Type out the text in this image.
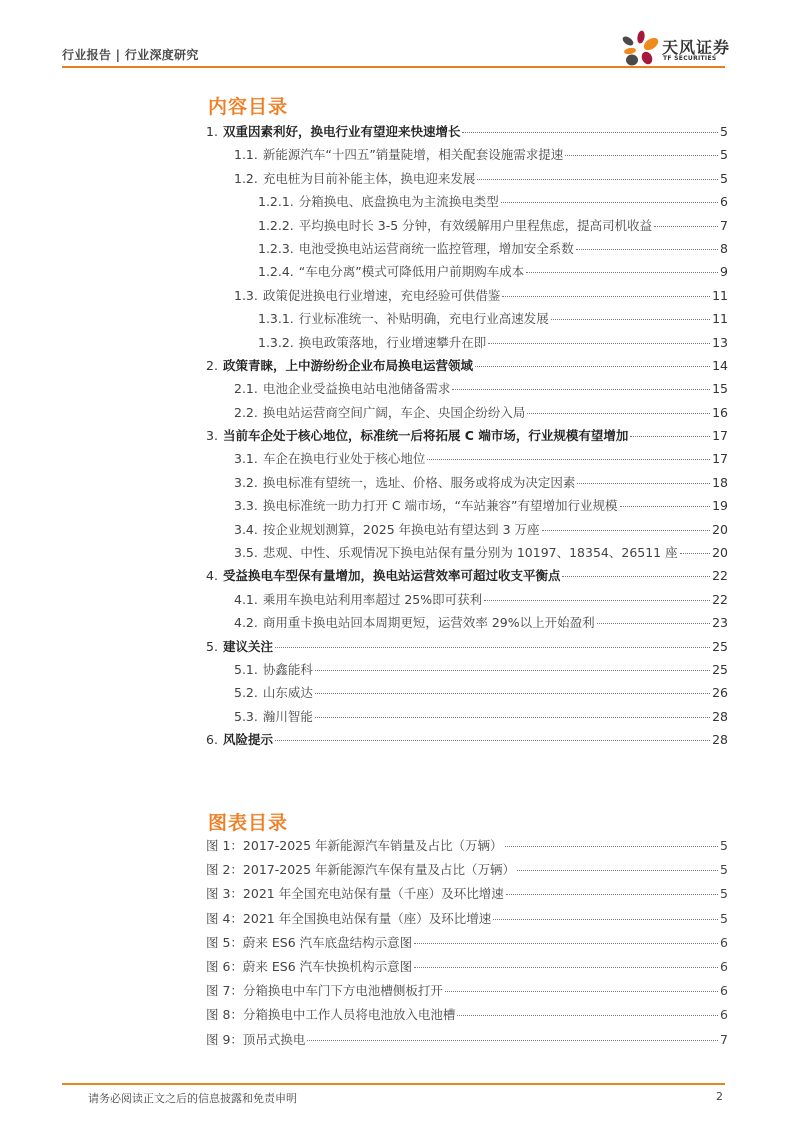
行业报告 | 行业深度研究	天风证券
TF SECURITIES
内容目录
1. 双重因素利好，换电行业有望迎来快速增长	5
1.1. 新能源汽车“十四五”销量陡增，相关配套设施需求提速	5
1.2. 充电桩为目前补能主体，换电迎来发展	5
1.2.1. 分箱换电、底盘换电为主流换电类型	6
1.2.2. 平均换电时长 3-5 分钟，有效缓解用户里程焦虑，提高司机收益	7
1.2.3. 电池受换电站运营商统一监控管理，增加安全系数	8
1.2.4. “车电分离”模式可降低用户前期购车成本	9
1.3. 政策促进换电行业增速，充电经验可供借鉴	11
1.3.1. 行业标准统一、补贴明确，充电行业高速发展	11
1.3.2. 换电政策落地，行业增速攀升在即	13
2. 政策青睐，上中游纷纷企业布局换电运营领域	14
2.1. 电池企业受益换电站电池储备需求	15
2.2. 换电站运营商空间广阔，车企、央国企纷纷入局	16
3. 当前车企处于核心地位，标准统一后将拓展 C 端市场，行业规模有望增加	17
3.1. 车企在换电行业处于核心地位	17
3.2. 换电标准有望统一，选址、价格、服务或将成为决定因素	18
3.3. 换电标准统一助力打开 C 端市场，“车站兼容”有望增加行业规模	19
3.4. 按企业规划测算，2025 年换电站有望达到 3 万座	20
3.5. 悲观、中性、乐观情况下换电站保有量分别为 10197、18354、26511 座	20
4. 受益换电车型保有量增加，换电站运营效率可超过收支平衡点	22
4.1. 乘用车换电站利用率超过 25%即可获利	22
4.2. 商用重卡换电站回本周期更短，运营效率 29%以上开始盈利	23
5. 建议关注	25
5.1. 协鑫能科	25
5.2. 山东威达	26
5.3. 瀚川智能	28
6. 风险提示	28
图表目录
图 1：2017-2025 年新能源汽车销量及占比（万辆）	5
图 2：2017-2025 年新能源汽车保有量及占比（万辆）	5
图 3：2021 年全国充电站保有量（千座）及环比增速	5
图 4：2021 年全国换电站保有量（座）及环比增速	5
图 5：蔚来 ES6 汽车底盘结构示意图	6
图 6：蔚来 ES6 汽车快换机构示意图	6
图 7：分箱换电中车门下方电池槽侧板打开	6
图 8：分箱换电中工作人员将电池放入电池槽	6
图 9：顶吊式换电	7
请务必阅读正文之后的信息披露和免责申明	2
